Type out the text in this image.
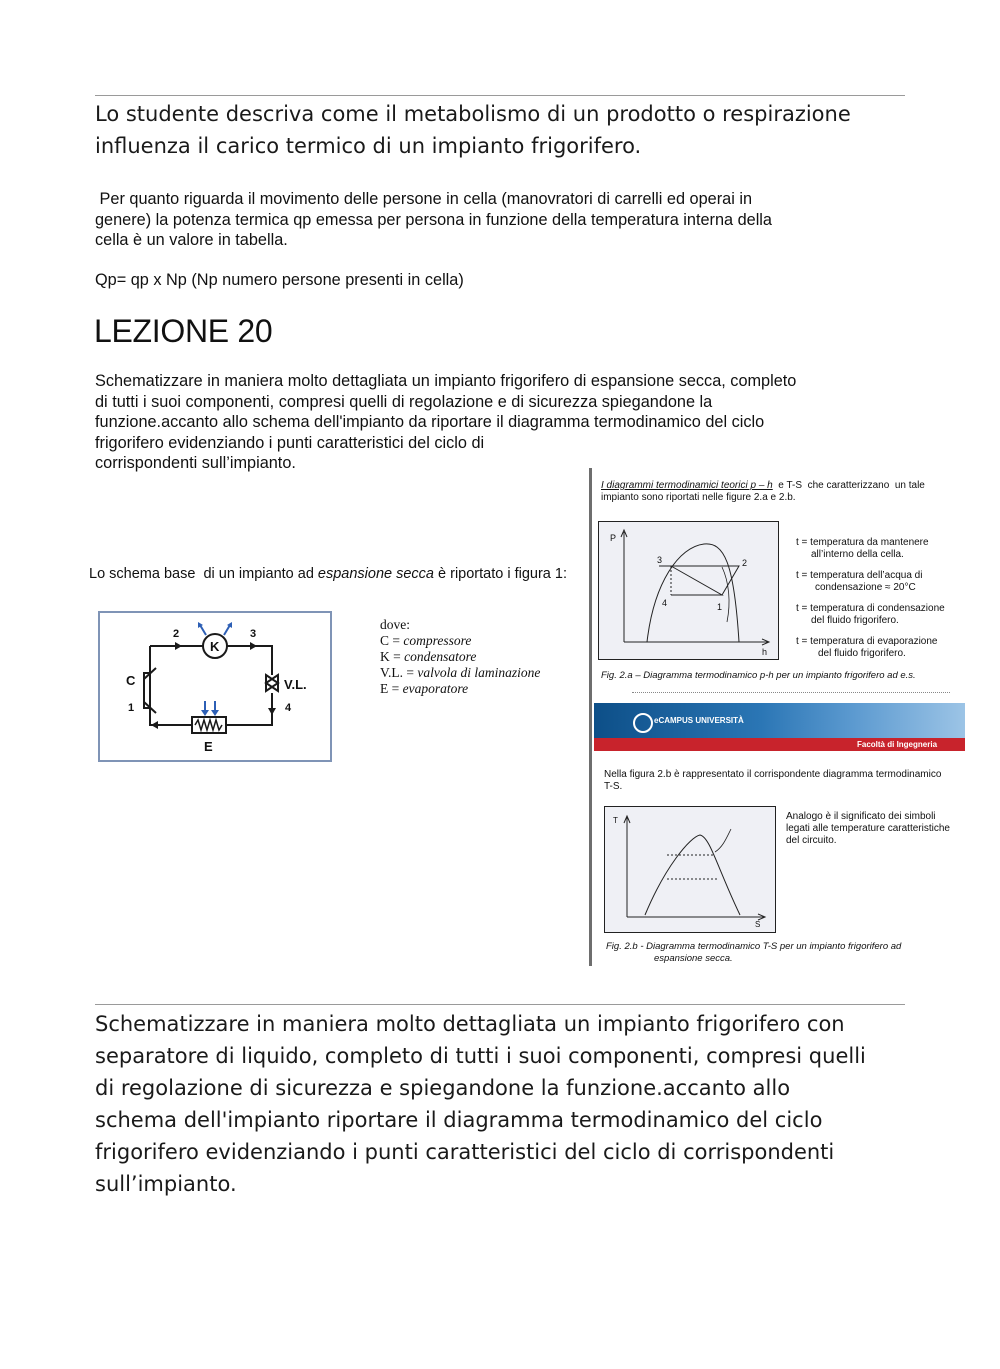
Lo studente descriva come il metabolismo di un prodotto o respirazione
influenza il carico termico di un impianto frigorifero.
Per quanto riguarda il movimento delle persone in cella (manovratori di carrelli ed operai in
genere) la potenza termica qp emessa per persona in funzione della temperatura interna della
cella è un valore in tabella.
Qp= qp x Np (Np numero persone presenti in cella)
LEZIONE 20
Schematizzare in maniera molto dettagliata un impianto frigorifero di espansione secca, completo
di tutti i suoi componenti, compresi quelli di regolazione e di sicurezza spiegandone la
funzione.accanto allo schema dell'impianto da riportare il diagramma termodinamico del ciclo
frigorifero evidenziando i punti caratteristici del ciclo di
corrispondenti sull’impianto.
Lo schema base  di un impianto ad espansione secca è riportato i figura 1:
K
C	V.L.
E
2	3
1	4
dove:
C = compressore
K = condensatore
V.L. = valvola di laminazione
E = evaporatore
I diagrammi termodinamici teorici p – h  e T-S  che caratterizzano  un tale
impianto sono riportati nelle figure 2.a e 2.b.
P
h
3	2
4	1
t = temperatura da mantenere
all’interno della cella.
t = temperatura dell’acqua di
condensazione ≈ 20°C
t = temperatura di condensazione
del fluido frigorifero.
t = temperatura di evaporazione
del fluido frigorifero.
Fig. 2.a – Diagramma termodinamico p-h per un impianto frigorifero ad e.s.
eCAMPUS UNIVERSITÀ
Facoltà di Ingegneria
Nella figura 2.b è rappresentato il corrispondente diagramma termodinamico
T-S.
T
S
Analogo è il significato dei simboli
legati alle temperature caratteristiche
del circuito.
Fig. 2.b - Diagramma termodinamico T-S per un impianto frigorifero ad
espansione secca.
Schematizzare in maniera molto dettagliata un impianto frigorifero con
separatore di liquido, completo di tutti i suoi componenti, compresi quelli
di regolazione di sicurezza e spiegandone la funzione.accanto allo
schema dell'impianto riportare il diagramma termodinamico del ciclo
frigorifero evidenziando i punti caratteristici del ciclo di corrispondenti
sull’impianto.
